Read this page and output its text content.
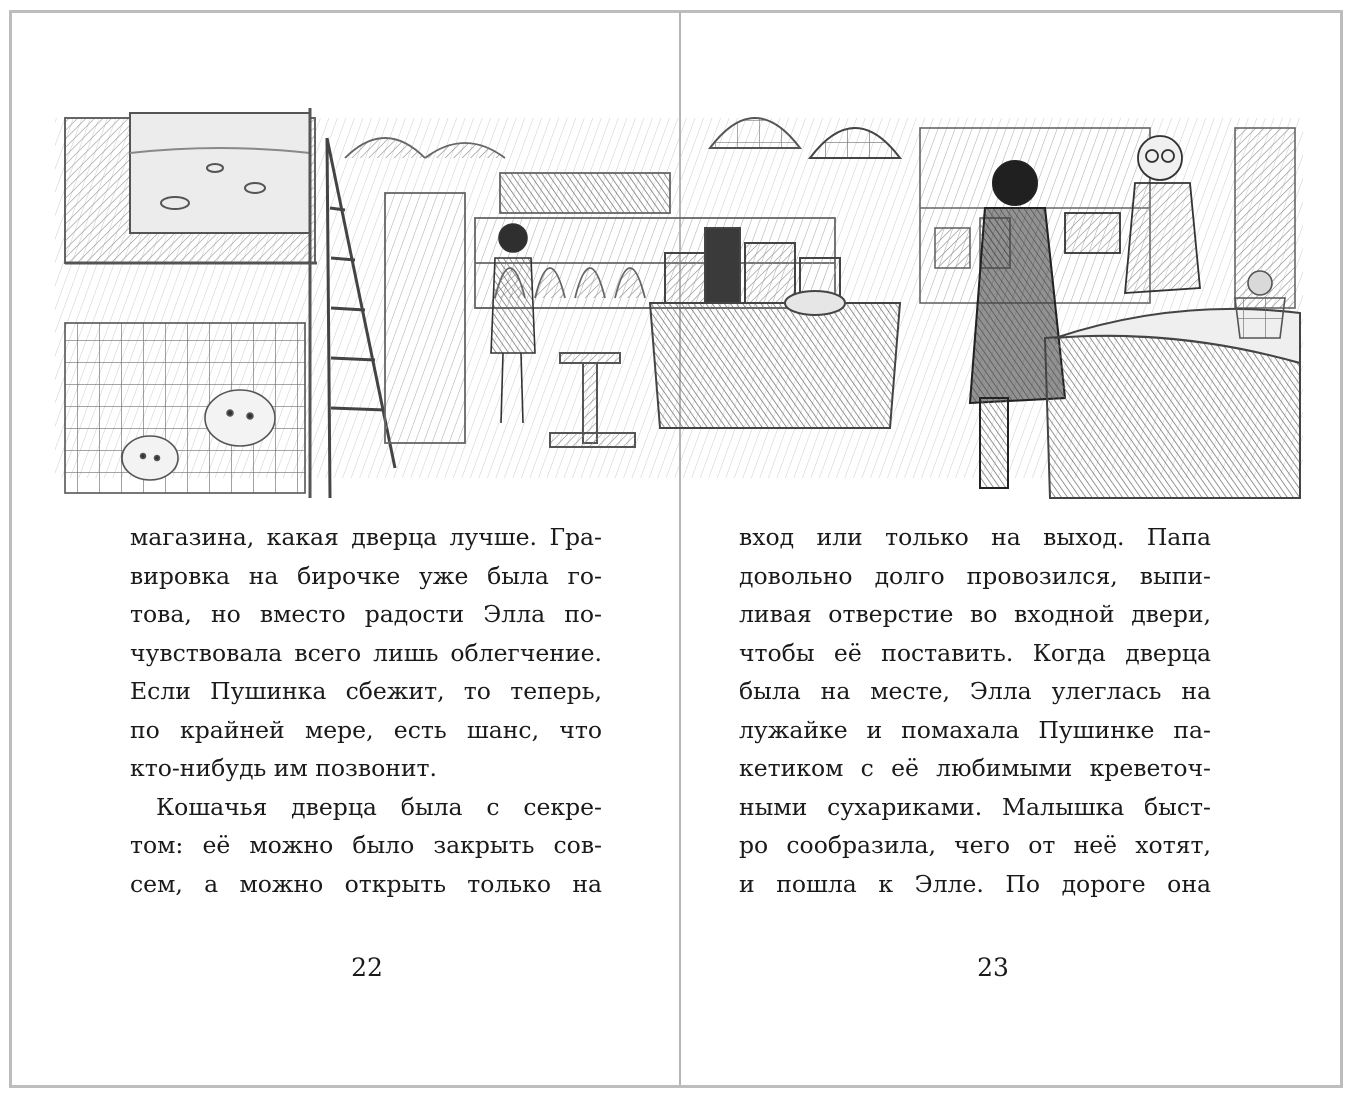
магазина, какая дверца лучше. Гра-

вировка на бирочке уже была го-

това, но вместо радости Элла по-

чувствовала всего лишь облегчение.

Если Пушинка сбежит, то теперь,

по крайней мере, есть шанс, что

кто-нибудь им позвонит.

Кошачья дверца была с секре-

том: её можно было закрыть сов-

сем, а можно открыть только на

вход или только на выход. Папа

довольно долго провозился, выпи-

ливая отверстие во входной двери,

чтобы её поставить. Когда дверца

была на месте, Элла улеглась на

лужайке и помахала Пушинке па-

кетиком с её любимыми креветоч-

ными сухариками. Малышка быст-

ро сообразила, чего от неё хотят,

и пошла к Элле. По дороге она

22	23
